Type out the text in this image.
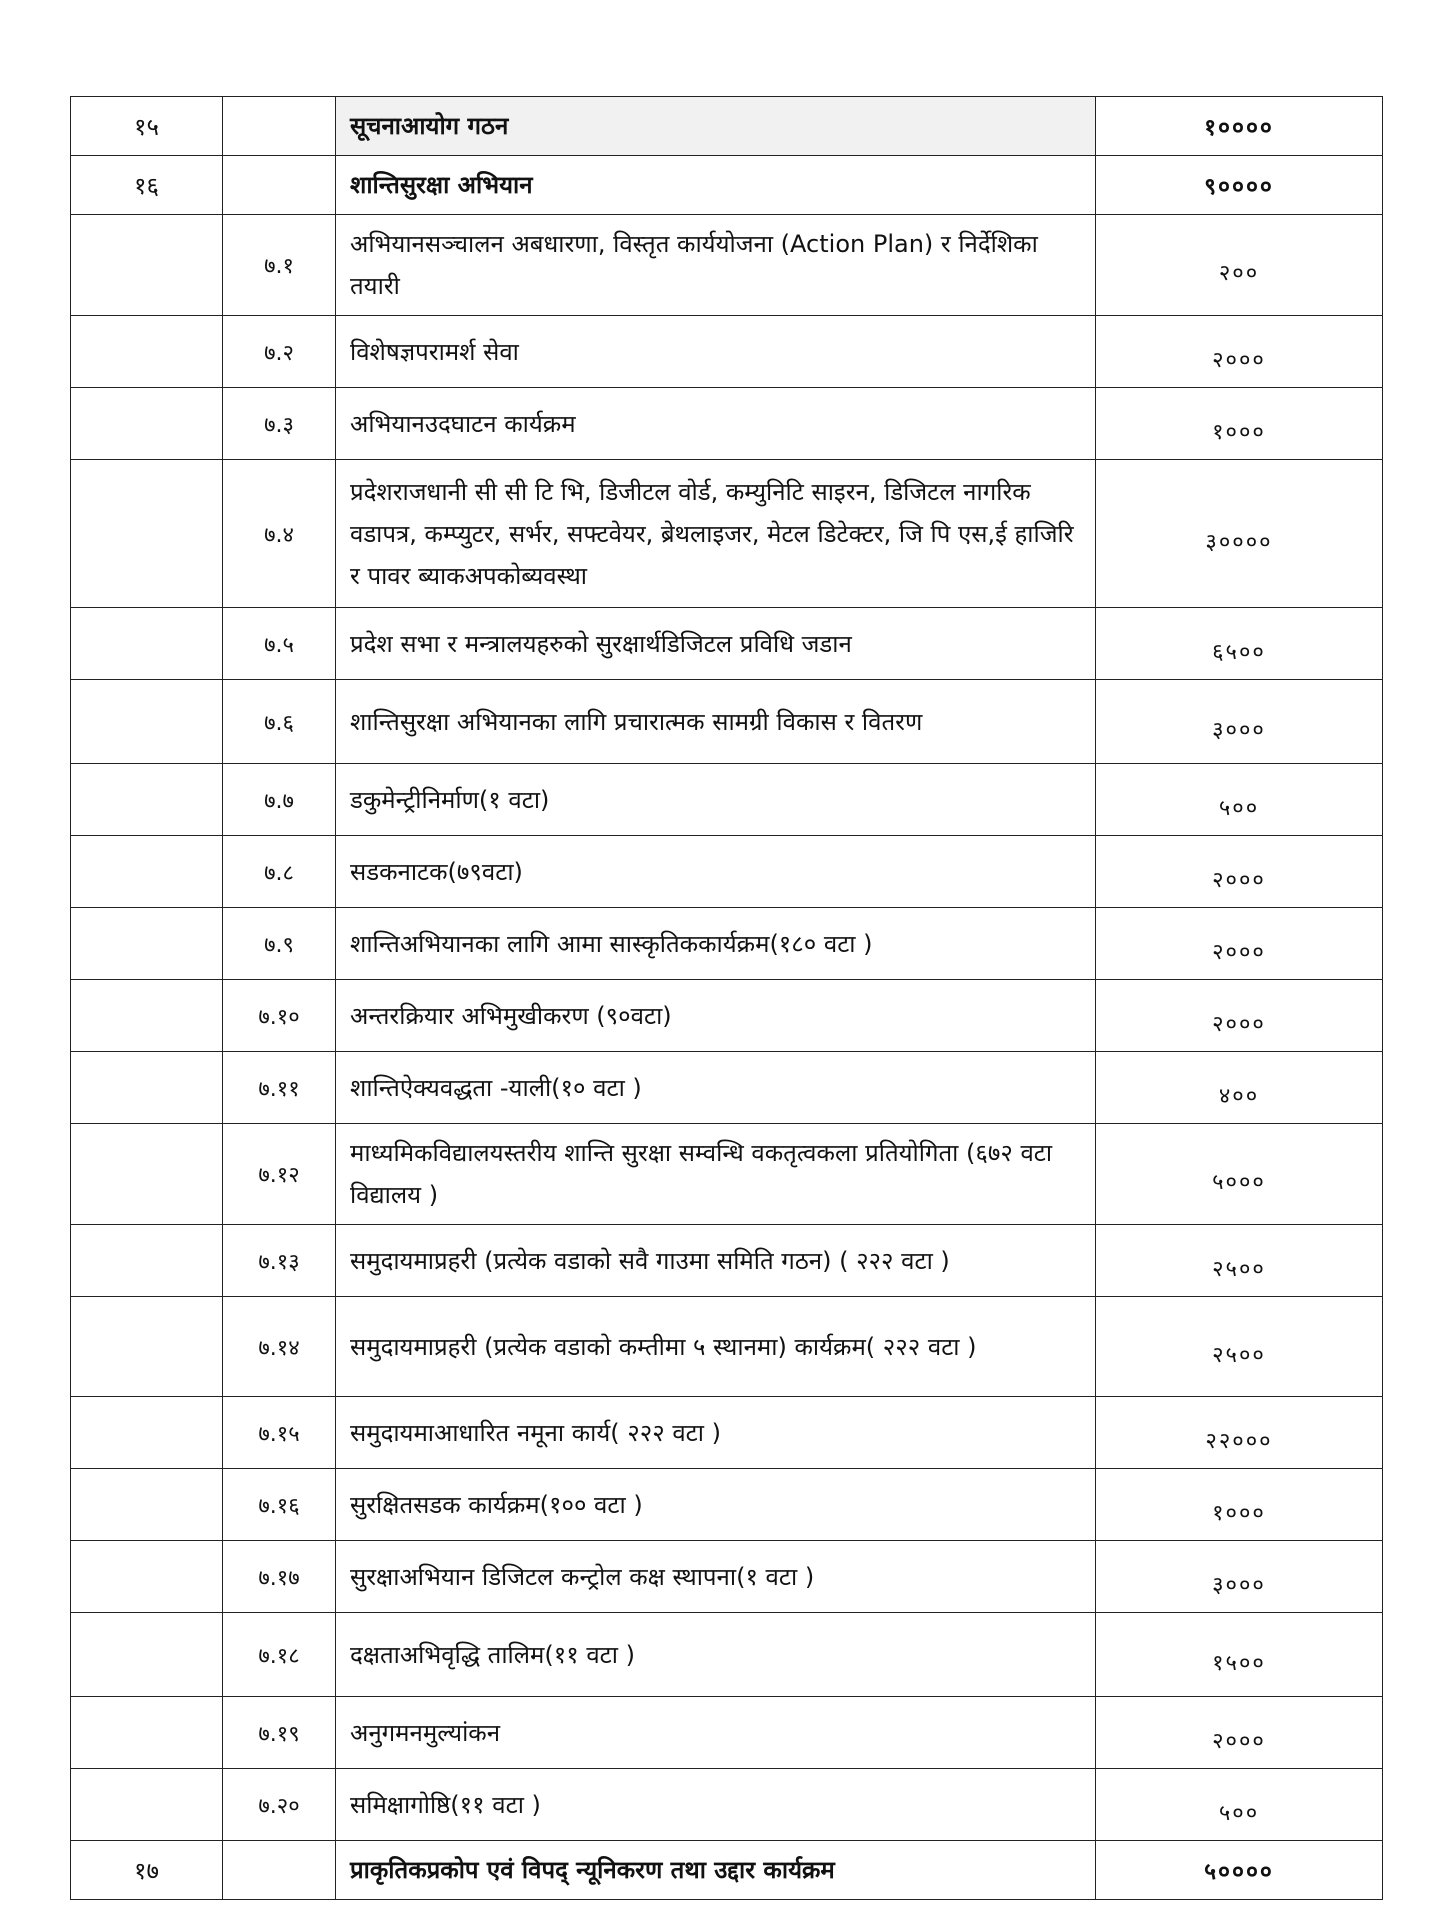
१५		सूचनाआयोग गठन	१००००
१६		शान्तिसुरक्षा अभियान	९००००
	७.१	अभियानसञ्चालन अबधारणा, विस्तृत कार्ययोजना (Action Plan) र निर्देशिका तयारी	२००
	७.२	विशेषज्ञपरामर्श सेवा	२०००
	७.३	अभियानउदघाटन कार्यक्रम	१०००
	७.४	प्रदेशराजधानी सी सी टि भि, डिजीटल वोर्ड, कम्युनिटि साइरन, डिजिटल नागरिक वडापत्र, कम्प्युटर, सर्भर, सफ्टवेयर, ब्रेथलाइजर, मेटल डिटेक्टर, जि पि एस,ई हाजिरि र पावर ब्याकअपकोब्यवस्था	३००००
	७.५	प्रदेश सभा र मन्त्रालयहरुको सुरक्षार्थडिजिटल प्रविधि जडान	६५००
	७.६	शान्तिसुरक्षा अभियानका लागि प्रचारात्मक सामग्री विकास र वितरण	३०००
	७.७	डकुमेन्ट्रीनिर्माण(१ वटा)	५००
	७.८	सडकनाटक(७९वटा)	२०००
	७.९	शान्तिअभियानका लागि आमा सास्कृतिककार्यक्रम(१८० वटा )	२०००
	७.१०	अन्तरक्रियार अभिमुखीकरण (९०वटा)	२०००
	७.११	शान्तिऐक्यवद्धता -याली(१० वटा )	४००
	७.१२	माध्यमिकविद्यालयस्तरीय शान्ति सुरक्षा सम्वन्धि वकतृत्वकला प्रतियोगिता (६७२ वटा विद्यालय )	५०००
	७.१३	समुदायमाप्रहरी (प्रत्येक वडाको सवै गाउमा समिति गठन) ( २२२ वटा )	२५००
	७.१४	समुदायमाप्रहरी (प्रत्येक वडाको कम्तीमा ५ स्थानमा) कार्यक्रम( २२२ वटा )	२५००
	७.१५	समुदायमाआधारित नमूना कार्य( २२२ वटा )	२२०००
	७.१६	सुरक्षितसडक कार्यक्रम(१०० वटा )	१०००
	७.१७	सुरक्षाअभियान डिजिटल कन्ट्रोल कक्ष स्थापना(१ वटा )	३०००
	७.१८	दक्षताअभिवृद्धि तालिम(११ वटा )	१५००
	७.१९	अनुगमनमुल्यांकन	२०००
	७.२०	समिक्षागोष्ठि(११ वटा )	५००
१७		प्राकृतिकप्रकोप एवं विपद् न्यूनिकरण तथा उद्दार कार्यक्रम	५००००
